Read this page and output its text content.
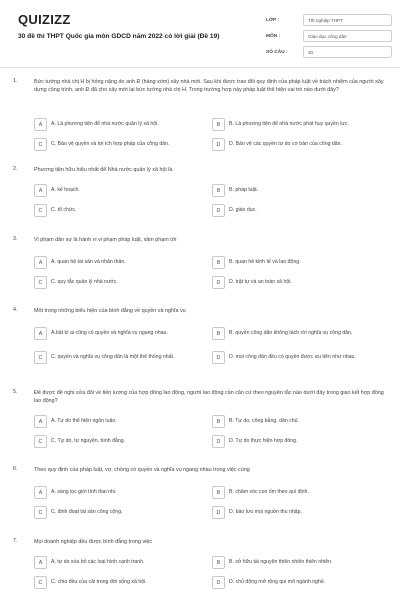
QUIZIZZ
30 đề thi THPT Quốc gia môn GDCD năm 2022 có lời giải (Đề 19)
LỚP :	Tốt nghiệp THPT
MÔN :	Giáo dục công dân
SỐ CÂU :	40
1.	Bức tường nhà chị H bị hỏng nặng do anh Đ (hàng xóm) xây nhà mới. Sau khi được trao đổi quy định của pháp luật về trách nhiệm của người xây dựng công trình, anh Đ đã cho xây mới lại bức tường nhà chị H. Trong trường hợp này pháp luật thể hiện vai trò nào dưới đây?
A	A. Là phương tiện để nhà nước quản lý xã hội.	B	B. Là phương tiện để nhà nước phát huy quyền lực.
C	C. Bảo vệ quyền và lợi ích hợp pháp của công dân.	D	D. Bảo vệ các quyền tự do cơ bản của công dân.
2.	Phương tiện hữu hiệu nhất để Nhà nước quản lý xã hội là
A	A. kế hoạch.	B	B. pháp luật.
C	C. tổ chức.	D	D. giáo dục.
3.	Vi phạm dân sự là hành vi vi phạm pháp luật, xâm phạm tới
A	A. quan hệ tài sản và nhân thân.	B	B. quan hệ kinh tế và lao động.
C	C. quy tắc quản lý nhà nước.	D	D. trật tự và an toàn xã hội.
4.	Một trong những biểu hiện của bình đẳng về quyền và nghĩa vụ
A	A.bất kì ai cũng có quyền và nghĩa vụ ngang nhau.	B	B. quyền công dân không tách rời nghĩa vụ công dân.
C	C. quyền và nghĩa vụ công dân là một thể thống nhất.	D	D. mọi công dân đều có quyền được ưu tiên như nhau.
5.	Để được đề nghị sửa đổi về tiền lương của hợp đồng lao động, người lao động cần căn cứ theo nguyên tắc nào dưới đây trong giao kết hợp đồng lao động?
A	A. Tự do thể hiện ngôn luận.	B	B. Tự do, công bằng, dân chủ.
C	C. Tự do, tự nguyện, bình đẳng.	D	D. Tự do thực hiện hợp đồng.
6.	Theo quy định của pháp luật, vợ, chồng có quyền và nghĩa vụ ngang nhau trong việc cùng
A	A. sáng lọc giới tính thai nhi.	B	B. chăm sóc con ốm theo quí định.
C	C. định đoạt tài sản công cộng.	D	D. bảo lưu mọi nguồn thu nhập.
7.	Mọi doanh nghiệp đều được bình đẳng trong việc
A	A. tự do xóa bỏ các loại hình cạnh tranh.	B	B. sở hữu tài nguyên thiên nhiên thiên nhiên.
C	C. chia đều của cải trong đời sống xã hội.	D	D. chủ động mở rộng qui mô ngành nghề.
